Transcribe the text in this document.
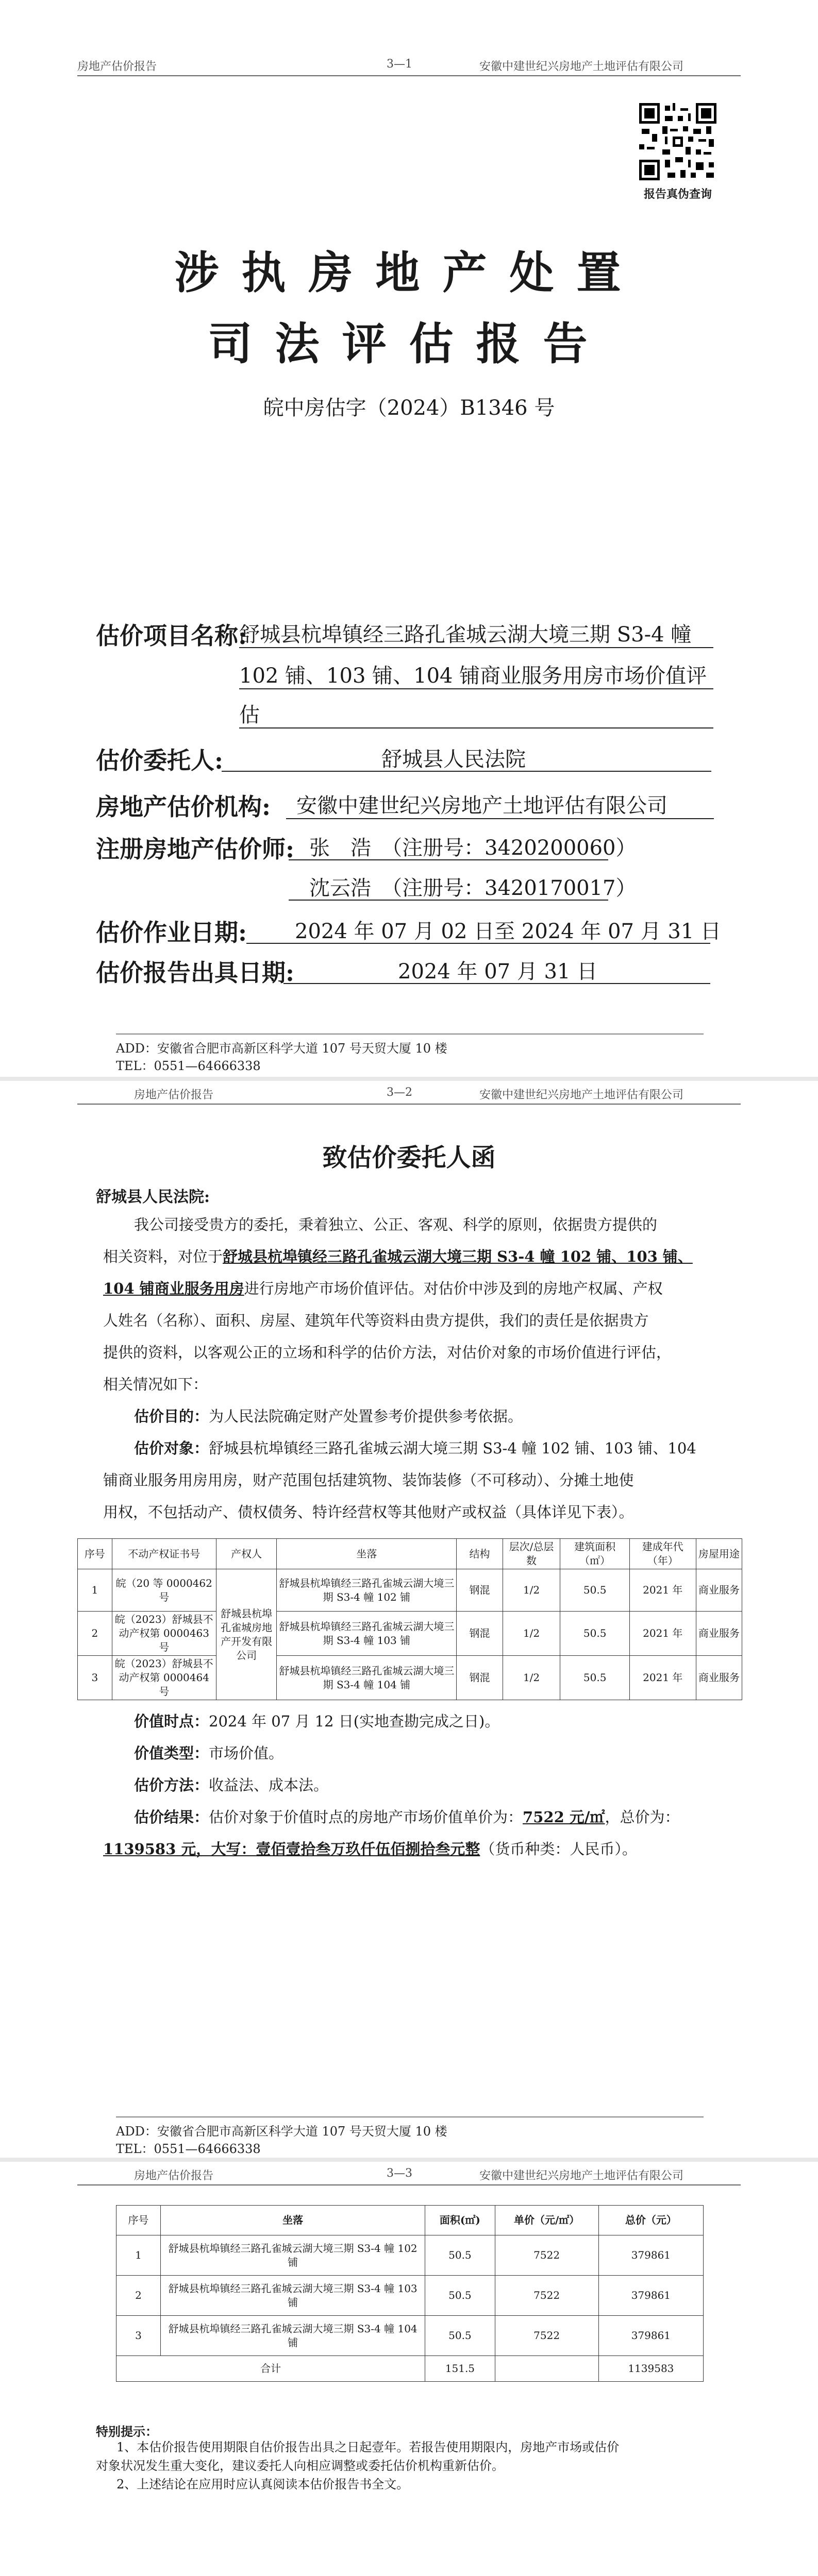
房地产估价报告	3—1	安徽中建世纪兴房地产土地评估有限公司
报告真伪查询
涉执房地产处置
司法评估报告
皖中房估字（2024）B1346 号
估价项目名称:
舒城县杭埠镇经三路孔雀城云湖大境三期 S3-4 幢
102 铺、103 铺、104 铺商业服务用房市场价值评
估
估价委托人:	舒城县人民法院
房地产估价机构: 安徽中建世纪兴房地产土地评估有限公司
注册房地产估价师: 张　浩　（注册号：3420200060）
沈云浩　（注册号：3420170017）
估价作业日期: 2024 年 07 月 02 日至 2024 年 07 月 31 日
估价报告出具日期:	2024 年 07 月 31 日
ADD：安徽省合肥市高新区科学大道 107 号天贸大厦 10 楼
TEL：0551—64666338
房地产估价报告	3—2	安徽中建世纪兴房地产土地评估有限公司
致估价委托人函
舒城县人民法院:
我公司接受贵方的委托，秉着独立、公正、客观、科学的原则，依据贵方提供的
相关资料，对位于舒城县杭埠镇经三路孔雀城云湖大境三期 S3-4 幢 102 铺、103 铺、
104 铺商业服务用房进行房地产市场价值评估。对估价中涉及到的房地产权属、产权
人姓名（名称）、面积、房屋、建筑年代等资料由贵方提供，我们的责任是依据贵方
提供的资料，以客观公正的立场和科学的估价方法，对估价对象的市场价值进行评估，
相关情况如下：
估价目的：为人民法院确定财产处置参考价提供参考依据。
估价对象：舒城县杭埠镇经三路孔雀城云湖大境三期 S3-4 幢 102 铺、103 铺、104
铺商业服务用房用房，财产范围包括建筑物、装饰装修（不可移动）、分摊土地使
用权，不包括动产、债权债务、特许经营权等其他财产或权益（具体详见下表）。
序号	不动产权证书号	产权人	坐落	结构	层次/总层数	建筑面积（㎡）	建成年代（年）	房屋用途
1	皖（20 等 0000462 号	舒城县杭埠孔雀城房地产开发有限公司	舒城县杭埠镇经三路孔雀城云湖大境三期 S3-4 幢 102 铺	钢混	1/2	50.5	2021 年	商业服务
2	皖（2023）舒城县不动产权第 0000463 号		舒城县杭埠镇经三路孔雀城云湖大境三期 S3-4 幢 103 铺	钢混	1/2	50.5	2021 年	商业服务
3	皖（2023）舒城县不动产权第 0000464 号		舒城县杭埠镇经三路孔雀城云湖大境三期 S3-4 幢 104 铺	钢混	1/2	50.5	2021 年	商业服务
价值时点：2024 年 07 月 12 日(实地查勘完成之日)。
价值类型：市场价值。
估价方法：收益法、成本法。
估价结果：估价对象于价值时点的房地产市场价值单价为：7522 元/㎡，总价为：
1139583 元，大写：壹佰壹拾叁万玖仟伍佰捌拾叁元整（货币种类：人民币）。
ADD：安徽省合肥市高新区科学大道 107 号天贸大厦 10 楼
TEL：0551—64666338
房地产估价报告	3—3	安徽中建世纪兴房地产土地评估有限公司
序号	坐落	面积(㎡)	单价（元/㎡）	总价（元）
1	舒城县杭埠镇经三路孔雀城云湖大境三期 S3-4 幢 102 铺	50.5	7522	379861
2	舒城县杭埠镇经三路孔雀城云湖大境三期 S3-4 幢 103 铺	50.5	7522	379861
3	舒城县杭埠镇经三路孔雀城云湖大境三期 S3-4 幢 104 铺	50.5	7522	379861
合计		151.5		1139583
特别提示：
1、本估价报告使用期限自估价报告出具之日起壹年。若报告使用期限内，房地产市场或估价
对象状况发生重大变化，建议委托人向相应调整或委托估价机构重新估价。
2、上述结论在应用时应认真阅读本估价报告书全文。
